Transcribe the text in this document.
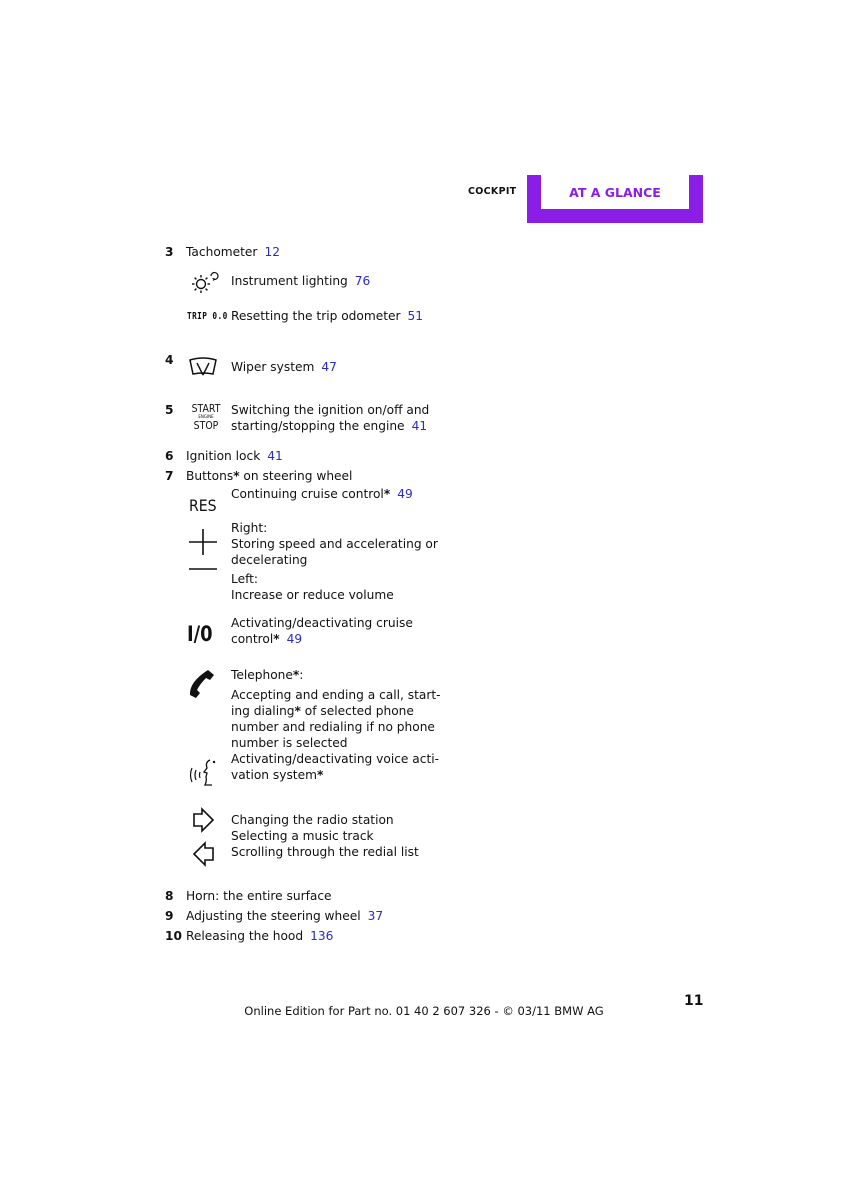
AT A GLANCE
COCKPIT
3 Tachometer 12
Instrument lighting 76
TRIP 0.0 Resetting the trip odometer 51
4	Wiper system 47
5 START
ENGINE
STOP
Switching the ignition on/off and
starting/stopping the engine 41
6 Ignition lock 41
7 Buttons* on steering wheel
RES
Continuing cruise control* 49
Right:
Storing speed and accelerating or
decelerating
Left:
Increase or reduce volume
I/0 Activating/deactivating cruise
control* 49
Telephone*:
Accepting and ending a call, start-
ing dialing* of selected phone
number and redialing if no phone
number is selected
Activating/deactivating voice acti-
vation system*
Changing the radio station
Selecting a music track
Scrolling through the redial list
8 Horn: the entire surface
9 Adjusting the steering wheel 37
10 Releasing the hood 136
11
Online Edition for Part no. 01 40 2 607 326 - © 03/11 BMW AG
